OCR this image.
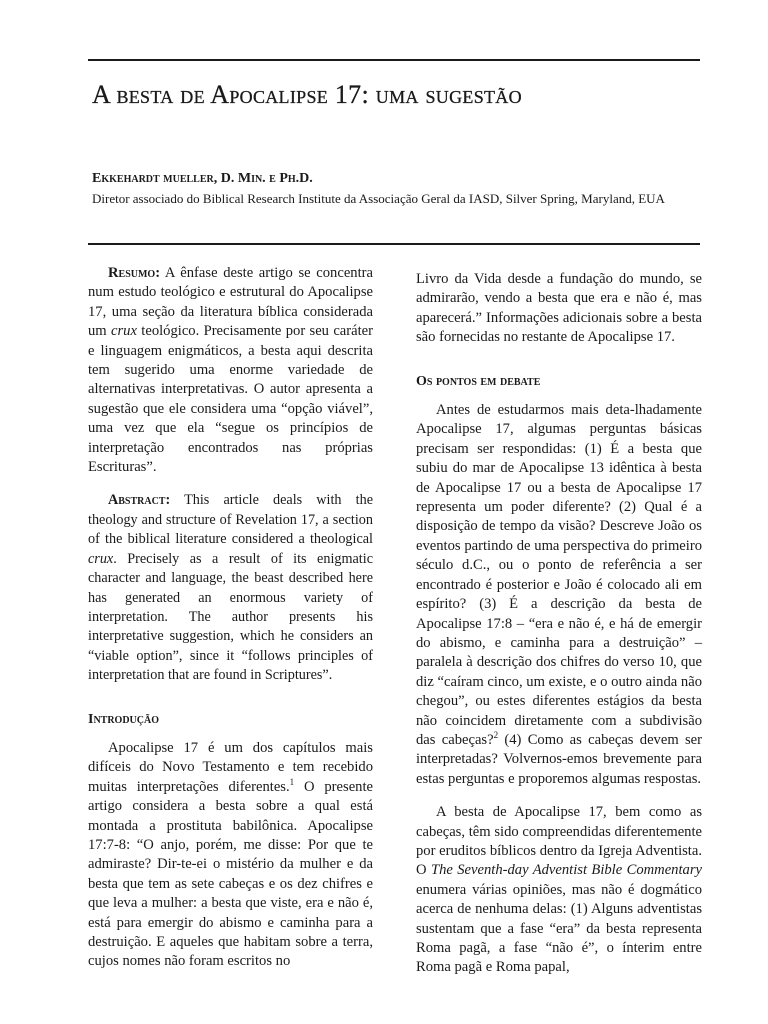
A besta de Apocalipse 17: uma sugestão

Ekkehardt mueller, D. Min. e Ph.D.

Diretor associado do Biblical Research Institute da Associação Geral da IASD, Silver Spring, Maryland, EUA

Resumo: A ênfase deste artigo se concentra num estudo teológico e estrutural do Apocalipse 17, uma seção da literatura bíblica considerada um crux teológico. Precisamente por seu caráter e linguagem enigmáticos, a besta aqui descrita tem sugerido uma enorme variedade de alternativas interpretativas. O autor apresenta a sugestão que ele considera uma “opção viável”, uma vez que ela “segue os princípios de interpretação encontrados nas próprias Escrituras”.

Abstract: This article deals with the theology and structure of Revelation 17, a section of the biblical literature considered a theological crux. Precisely as a result of its enigmatic character and language, the beast described here has generated an enormous variety of interpretation. The author presents his interpretative suggestion, which he considers an “viable option”, since it “follows principles of interpretation that are found in Scriptures”.

Introdução

Apocalipse 17 é um dos capítulos mais difíceis do Novo Testamento e tem recebido muitas interpretações diferentes.$^1$ O presente artigo considera a besta sobre a qual está montada a prostituta babilônica. Apocalipse 17:7-8: “O anjo, porém, me disse: Por que te admiraste? Dir-te-ei o mistério da mulher e da besta que tem as sete cabeças e os dez chifres e que leva a mulher: a besta que viste, era e não é, está para emergir do abismo e caminha para a destruição. E aqueles que habitam sobre a terra, cujos nomes não foram escritos no

Livro da Vida desde a fundação do mundo, se admirarão, vendo a besta que era e não é, mas aparecerá.” Informações adicionais sobre a besta são fornecidas no restante de Apocalipse 17.

Os pontos em debate

Antes de estudarmos mais deta-lhadamente Apocalipse 17, algumas perguntas básicas precisam ser respondidas: (1) É a besta que subiu do mar de Apocalipse 13 idêntica à besta de Apocalipse 17 ou a besta de Apocalipse 17 representa um poder diferente? (2) Qual é a disposição de tempo da visão? Descreve João os eventos partindo de uma perspectiva do primeiro século d.C., ou o ponto de referência a ser encontrado é posterior e João é colocado ali em espírito? (3) É a descrição da besta de Apocalipse 17:8 – “era e não é, e há de emergir do abismo, e caminha para a destruição” – paralela à descrição dos chifres do verso 10, que diz “caíram cinco, um existe, e o outro ainda não chegou”, ou estes diferentes estágios da besta não coincidem diretamente com a subdivisão das cabeças?$^2$ (4) Como as cabeças devem ser interpretadas? Volvernos-emos brevemente para estas perguntas e proporemos algumas respostas.

A besta de Apocalipse 17, bem como as cabeças, têm sido compreendidas diferentemente por eruditos bíblicos dentro da Igreja Adventista. O The Seventh-day Adventist Bible Commentary enumera várias opiniões, mas não é dogmático acerca de nenhuma delas: (1) Alguns adventistas sustentam que a fase “era” da besta representa Roma pagã, a fase “não é”, o ínterim entre Roma pagã e Roma papal,
